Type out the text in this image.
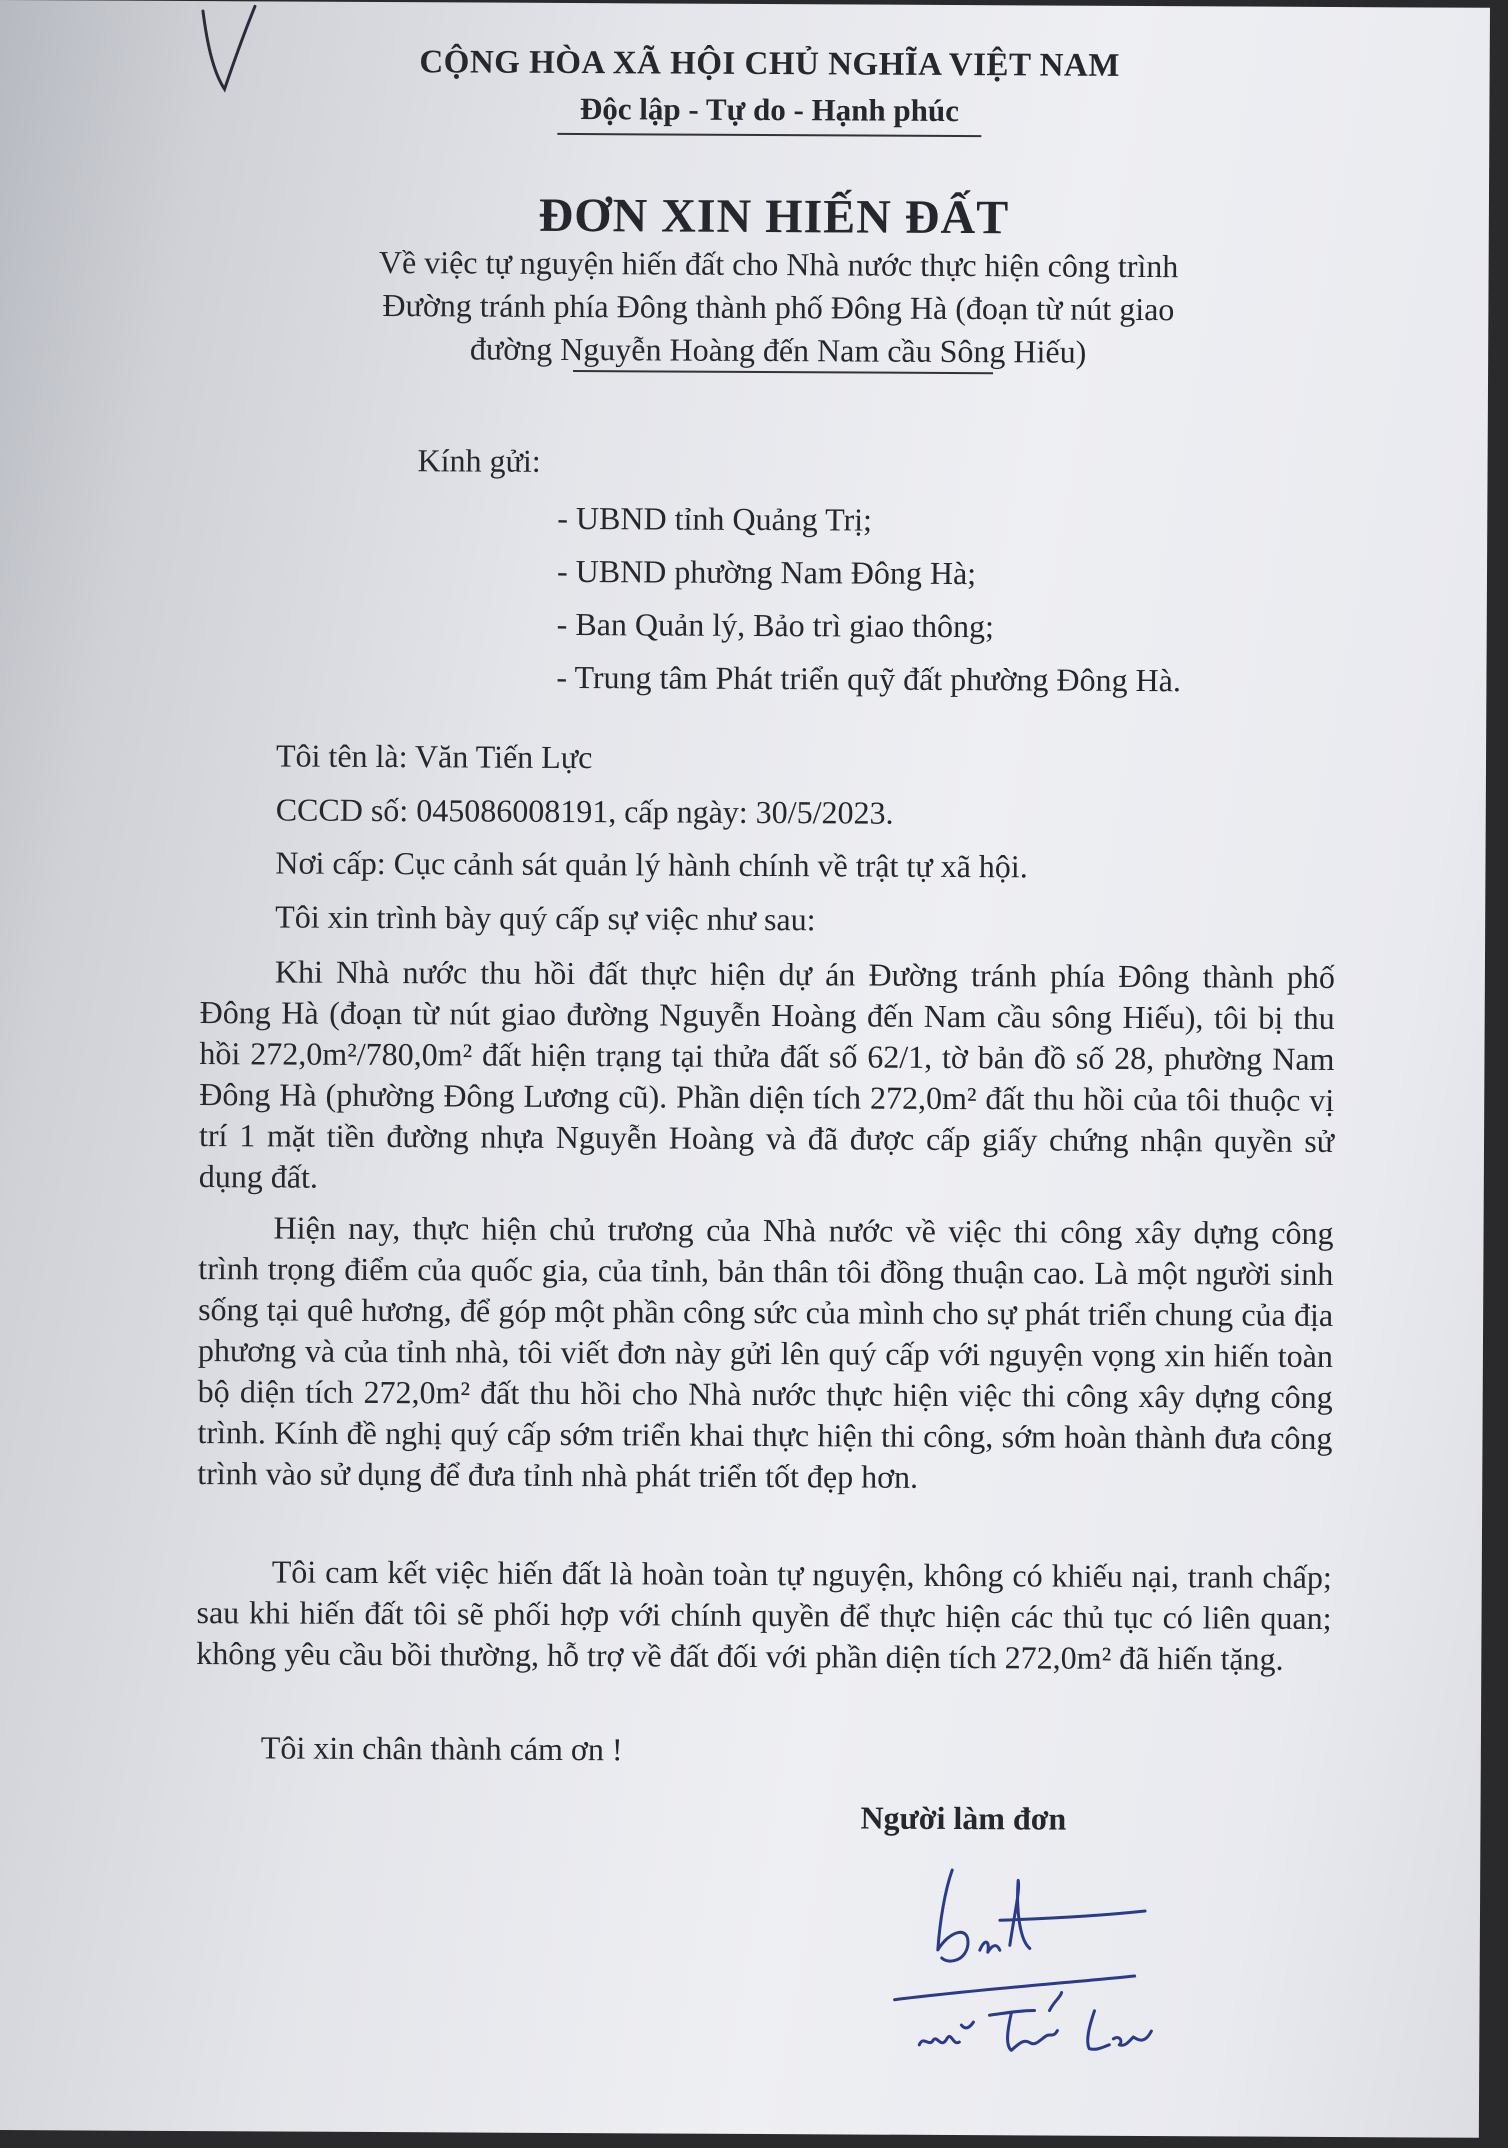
CỘNG HÒA XÃ HỘI CHỦ NGHĨA VIỆT NAM
Độc lập - Tự do - Hạnh phúc
ĐƠN XIN HIẾN ĐẤT
Về việc tự nguyện hiến đất cho Nhà nước thực hiện công trình
Đường tránh phía Đông thành phố Đông Hà (đoạn từ nút giao
đường Nguyễn Hoàng đến Nam cầu Sông Hiếu)
Kính gửi:
- UBND tỉnh Quảng Trị;
- UBND phường Nam Đông Hà;
- Ban Quản lý, Bảo trì giao thông;
- Trung tâm Phát triển quỹ đất phường Đông Hà.
Tôi tên là: Văn Tiến Lực
CCCD số: 045086008191, cấp ngày: 30/5/2023.
Nơi cấp: Cục cảnh sát quản lý hành chính về trật tự xã hội.
Tôi xin trình bày quý cấp sự việc như sau:
Khi Nhà nước thu hồi đất thực hiện dự án Đường tránh phía Đông thành phố Đông Hà (đoạn từ nút giao đường Nguyễn Hoàng đến Nam cầu sông Hiếu), tôi bị thu hồi 272,0m²/780,0m² đất hiện trạng tại thửa đất số 62/1, tờ bản đồ số 28, phường Nam Đông Hà (phường Đông Lương cũ). Phần diện tích 272,0m² đất thu hồi của tôi thuộc vị trí 1 mặt tiền đường nhựa Nguyễn Hoàng và đã được cấp giấy chứng nhận quyền sử dụng đất.
Hiện nay, thực hiện chủ trương của Nhà nước về việc thi công xây dựng công trình trọng điểm của quốc gia, của tỉnh, bản thân tôi đồng thuận cao. Là một người sinh sống tại quê hương, để góp một phần công sức của mình cho sự phát triển chung của địa phương và của tỉnh nhà, tôi viết đơn này gửi lên quý cấp với nguyện vọng xin hiến toàn bộ diện tích 272,0m² đất thu hồi cho Nhà nước thực hiện việc thi công xây dựng công trình. Kính đề nghị quý cấp sớm triển khai thực hiện thi công, sớm hoàn thành đưa công trình vào sử dụng để đưa tỉnh nhà phát triển tốt đẹp hơn.
Tôi cam kết việc hiến đất là hoàn toàn tự nguyện, không có khiếu nại, tranh chấp; sau khi hiến đất tôi sẽ phối hợp với chính quyền để thực hiện các thủ tục có liên quan; không yêu cầu bồi thường, hỗ trợ về đất đối với phần diện tích 272,0m² đã hiến tặng.
Tôi xin chân thành cám ơn !
Người làm đơn
